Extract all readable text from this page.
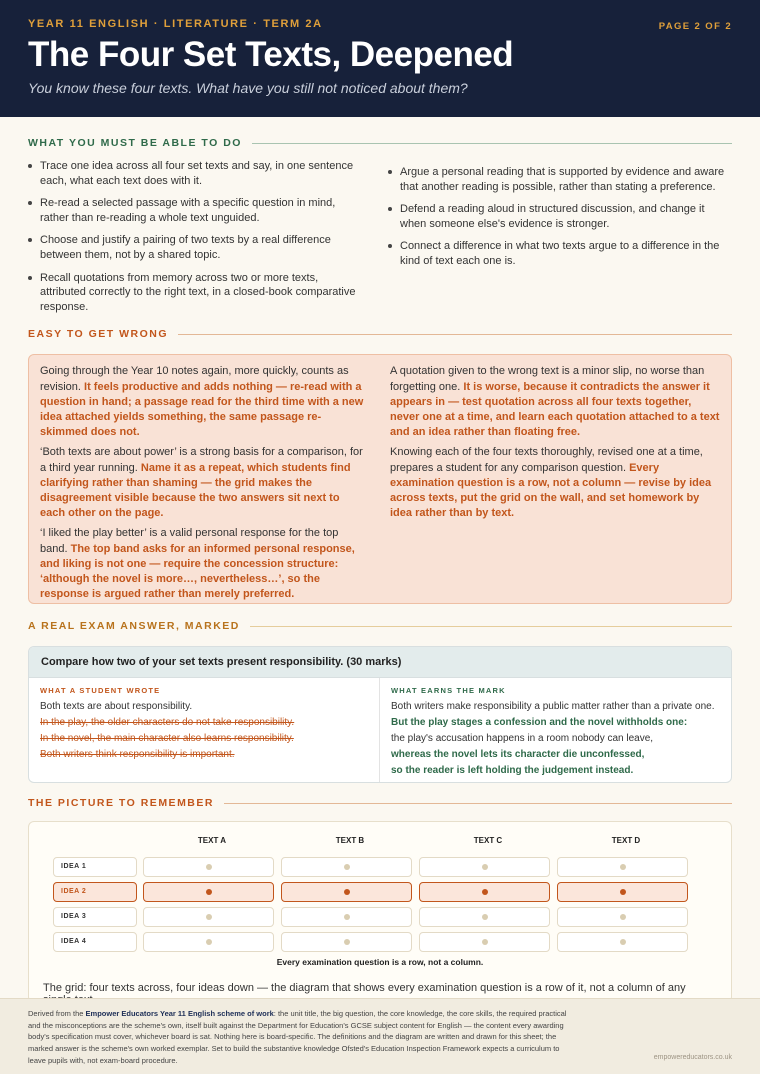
YEAR 11 ENGLISH · LITERATURE · TERM 2A	PAGE 2 OF 2
The Four Set Texts, Deepened
You know these four texts. What have you still not noticed about them?
WHAT YOU MUST BE ABLE TO DO
Trace one idea across all four set texts and say, in one sentence each, what each text does with it.
Re-read a selected passage with a specific question in mind, rather than re-reading a whole text unguided.
Choose and justify a pairing of two texts by a real difference between them, not by a shared topic.
Recall quotations from memory across two or more texts, attributed correctly to the right text, in a closed-book comparative response.
Argue a personal reading that is supported by evidence and aware that another reading is possible, rather than stating a preference.
Defend a reading aloud in structured discussion, and change it when someone else's evidence is stronger.
Connect a difference in what two texts argue to a difference in the kind of text each one is.
EASY TO GET WRONG

Going through the Year 10 notes again, more quickly, counts as revision. It feels productive and adds nothing — re-read with a question in hand; a passage read for the third time with a new idea attached yields something, the same passage re-skimmed does not.

‘Both texts are about power’ is a strong basis for a comparison, for a third year running. Name it as a repeat, which students find clarifying rather than shaming — the grid makes the disagreement visible because the two answers sit next to each other on the page.

‘I liked the play better’ is a valid personal response for the top band. The top band asks for an informed personal response, and liking is not one — require the concession structure: ‘although the novel is more…, nevertheless…’, so the response is argued rather than merely preferred.

A quotation given to the wrong text is a minor slip, no worse than forgetting one. It is worse, because it contradicts the answer it appears in — test quotation across all four texts together, never one at a time, and learn each quotation attached to a text and an idea rather than floating free.

Knowing each of the four texts thoroughly, revised one at a time, prepares a student for any comparison question. Every examination question is a row, not a column — revise by idea across texts, put the grid on the wall, and set homework by idea rather than by text.

A REAL EXAM ANSWER, MARKED
Compare how two of your set texts present responsibility. (30 marks)
WHAT A STUDENT WROTE
Both texts are about responsibility.
In the play, the older characters do not take responsibility.
In the novel, the main character also learns responsibility.
Both writers think responsibility is important.
WHAT EARNS THE MARK
Both writers make responsibility a public matter rather than a private one.
But the play stages a confession and the novel withholds one:
the play's accusation happens in a room nobody can leave,
whereas the novel lets its character die unconfessed,
so the reader is left holding the judgement instead.
THE PICTURE TO REMEMBER
TEXT A	TEXT B	TEXT C	TEXT D
IDEA 1
IDEA 2
IDEA 3
IDEA 4
Every examination question is a row, not a column.
The grid: four texts across, four ideas down — the diagram that shows every examination question is a row of it, not a column of any

Derived from the Empower Educators Year 11 English scheme of work: the unit title, the big question, the core knowledge, the core skills, the required practical and the misconceptions are the scheme's own, itself built against the Department for Education's GCSE subject content for English — the content every awarding body's specification must cover, whichever board is sat. Nothing here is board-specific. The definitions and the diagram are written and drawn for this sheet; the marked answer is the scheme's own worked exemplar. Set to build the substantive knowledge Ofsted's Education Inspection Framework expects a curriculum to leave pupils with, not exam-board procedure.	empowereducators.co.uk
